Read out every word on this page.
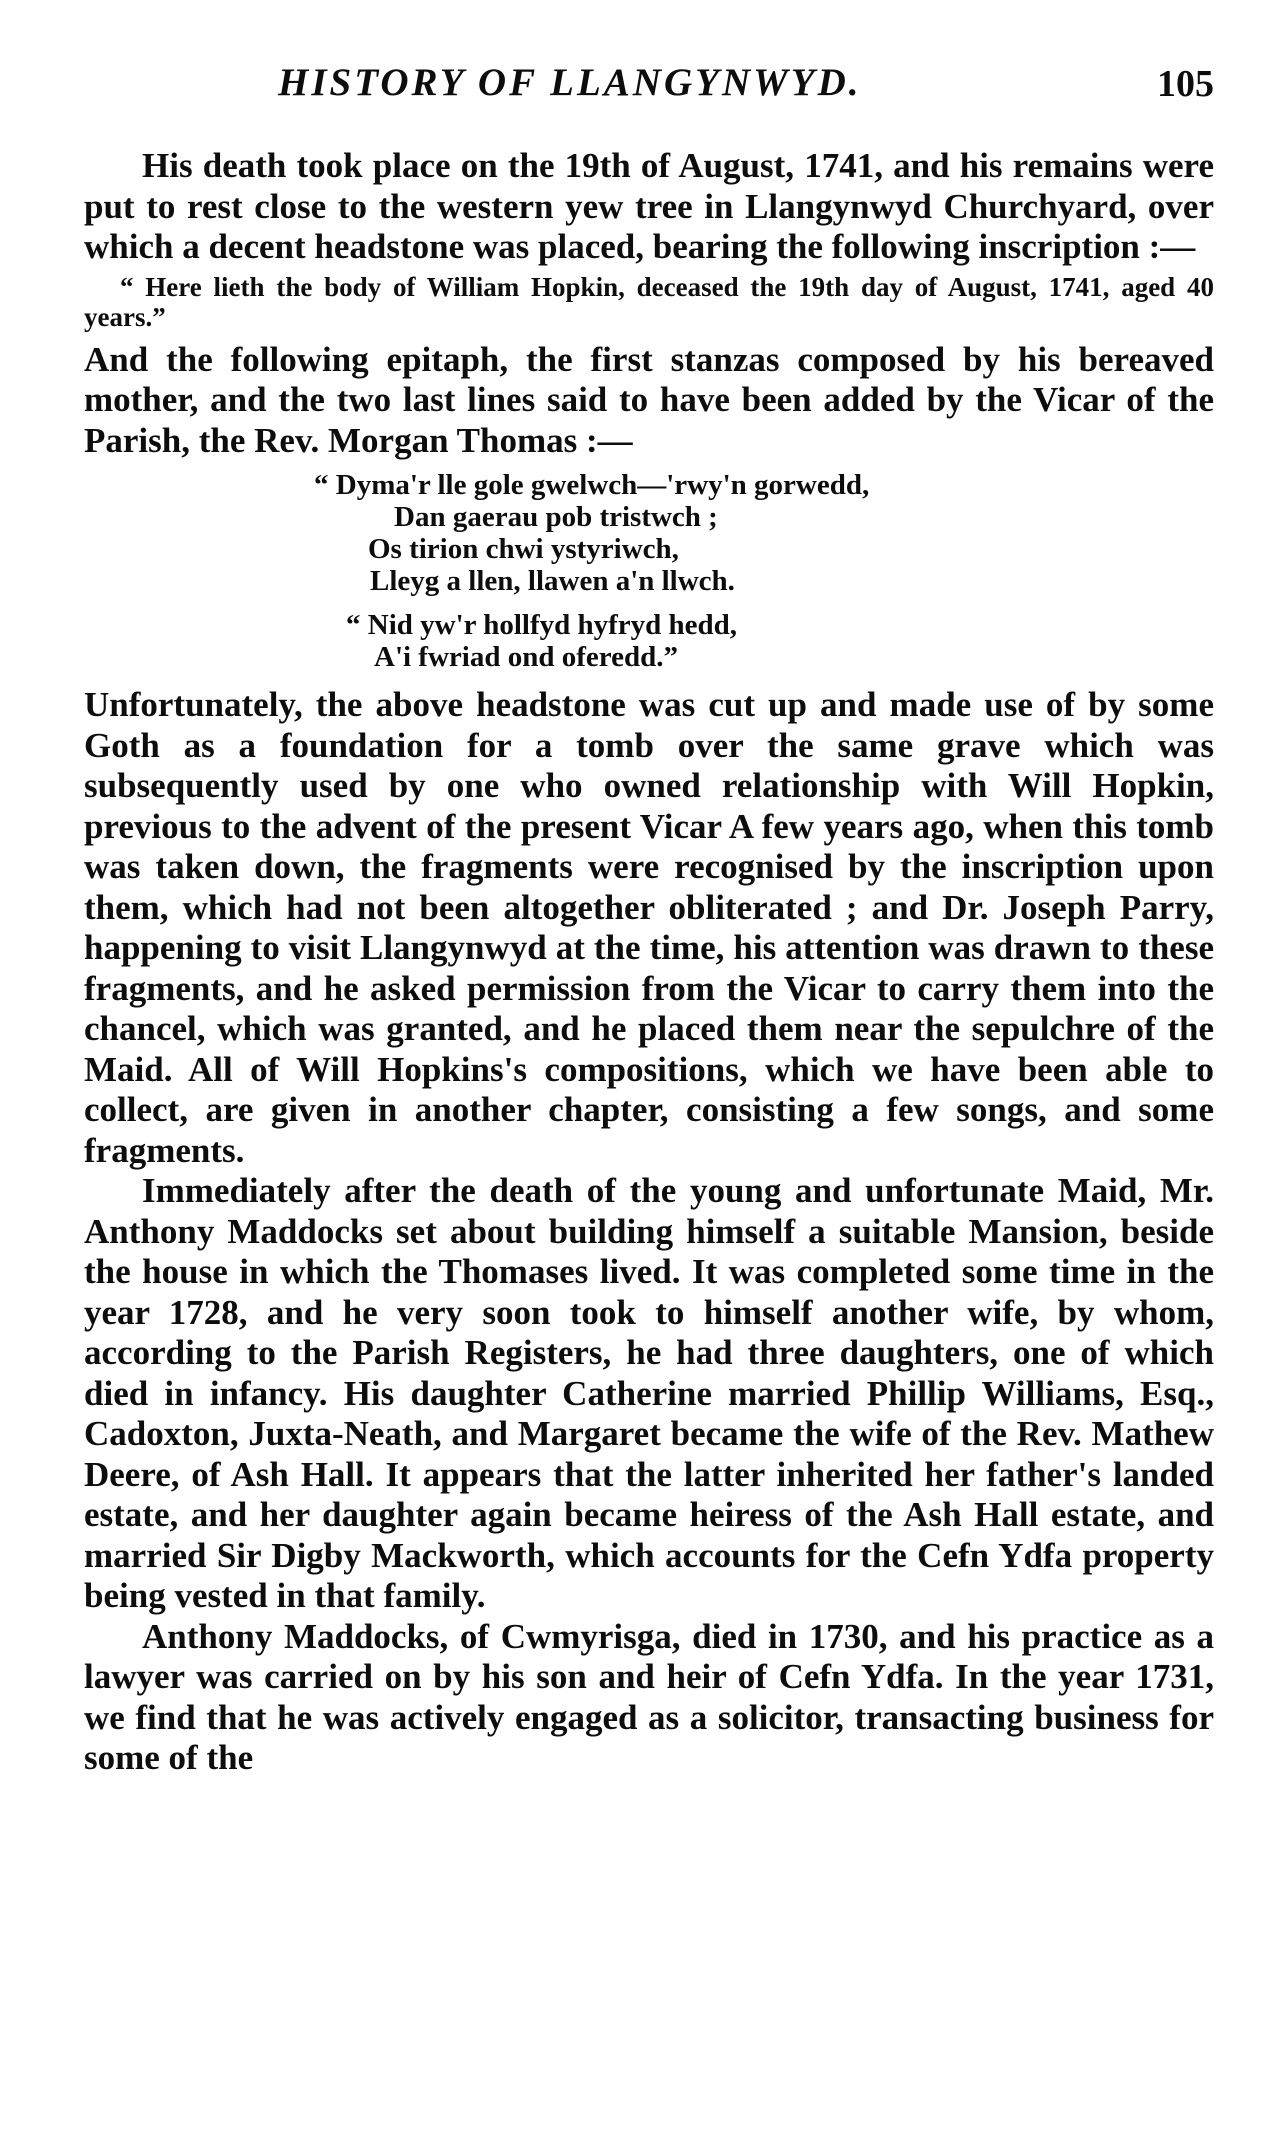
HISTORY OF LLANGYNWYD.	105

His death took place on the 19th of August, 1741, and his remains were put to rest close to the western yew tree in Llangynwyd Churchyard, over which a decent headstone was placed, bearing the following inscription :—

“ Here lieth the body of William Hopkin, deceased the 19th day of August, 1741, aged 40 years.”

And the following epitaph, the first stanzas composed by his bereaved mother, and the two last lines said to have been added by the Vicar of the Parish, the Rev. Morgan Thomas :—

“ Dyma'r lle gole gwelwch—'rwy'n gorwedd,
Dan gaerau pob tristwch ;
Os tirion chwi ystyriwch,
Lleyg a llen, llawen a'n llwch.
“ Nid yw'r hollfyd hyfryd hedd,
A'i fwriad ond oferedd.”

Unfortunately, the above headstone was cut up and made use of by some Goth as a foundation for a tomb over the same grave which was subsequently used by one who owned relationship with Will Hopkin, previous to the advent of the present Vicar A few years ago, when this tomb was taken down, the fragments were recognised by the inscription upon them, which had not been altogether obliterated ; and Dr. Joseph Parry, happening to visit Llangynwyd at the time, his attention was drawn to these fragments, and he asked permission from the Vicar to carry them into the chancel, which was granted, and he placed them near the sepulchre of the Maid. All of Will Hopkins's compositions, which we have been able to collect, are given in another chapter, consisting a few songs, and some fragments.

Immediately after the death of the young and unfortunate Maid, Mr. Anthony Maddocks set about building himself a suitable Mansion, beside the house in which the Thomases lived. It was completed some time in the year 1728, and he very soon took to himself another wife, by whom, according to the Parish Registers, he had three daughters, one of which died in infancy. His daughter Catherine married Phillip Williams, Esq., Cadoxton, Juxta-Neath, and Margaret became the wife of the Rev. Mathew Deere, of Ash Hall. It appears that the latter inherited her father's landed estate, and her daughter again became heiress of the Ash Hall estate, and married Sir Digby Mackworth, which accounts for the Cefn Ydfa property being vested in that family.

Anthony Maddocks, of Cwmyrisga, died in 1730, and his practice as a lawyer was carried on by his son and heir of Cefn Ydfa. In the year 1731, we find that he was actively engaged as a solicitor, transacting business for some of the
